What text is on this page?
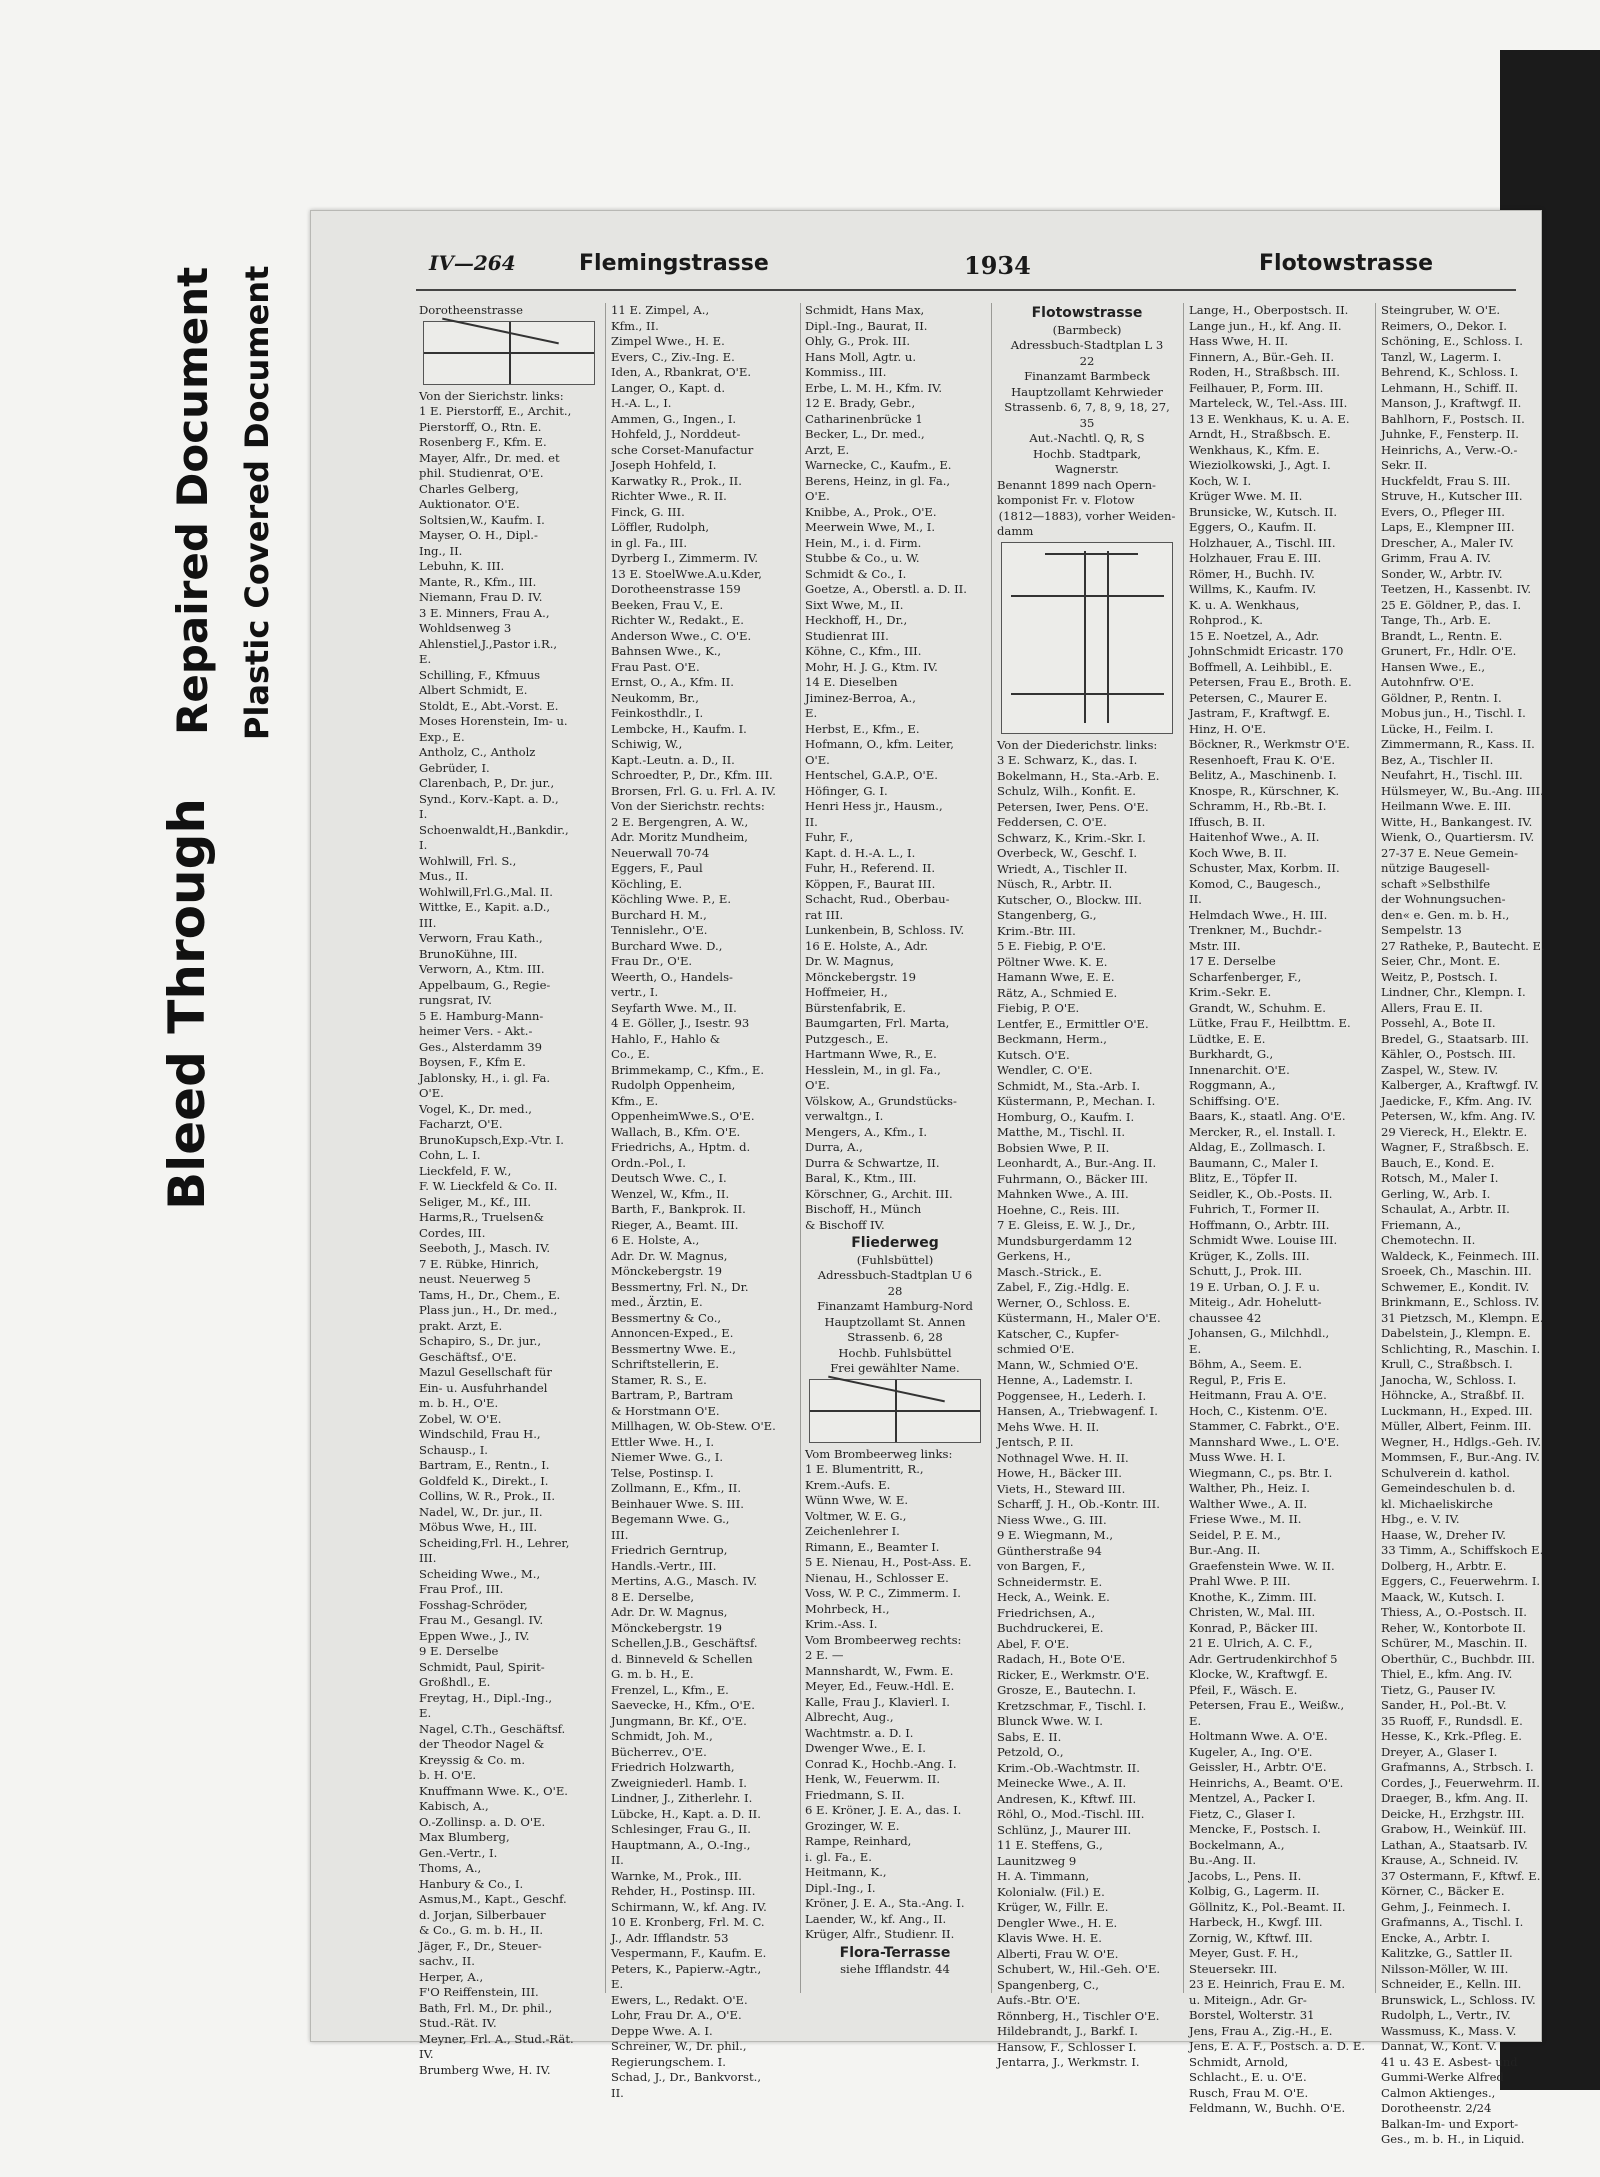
Bleed Through
Repaired Document Plastic Covered Document
IV—264	Flemingstrasse	1934	Flotowstrasse
Dorotheenstrasse
Von der Sierichstr. links:
1 E. Pierstorff, E., Archit.,
Pierstorff, O., Rtn. E.
Rosenberg F., Kfm. E.
Mayer, Alfr., Dr. med. et
phil. Studienrat, O'E.
Charles Gelberg,
Auktionator. O'E.
Soltsien,W., Kaufm. I.
Mayser, O. H., Dipl.-
Ing., II.
Lebuhn, K. III.
Mante, R., Kfm., III.
Niemann, Frau D. IV.
3 E. Minners, Frau A.,
Wohldsenweg 3
Ahlenstiel,J.,Pastor i.R.,
E.
Schilling, F., Kfmuus
Albert Schmidt, E.
Stoldt, E., Abt.-Vorst. E.
Moses Horenstein, Im- u.
Exp., E.
Antholz, C., Antholz
Gebrüder, I.
Clarenbach, P., Dr. jur.,
Synd., Korv.-Kapt. a. D.,
I.
Schoenwaldt,H.,Bankdir.,
I.
Wohlwill, Frl. S.,
Mus., II.
Wohlwill,Frl.G.,Mal. II.
Wittke, E., Kapit. a.D.,
III.
Verworn, Frau Kath.,
BrunoKühne, III.
Verworn, A., Ktm. III.
Appelbaum, G., Regie-
rungsrat, IV.
5 E. Hamburg-Mann-
heimer Vers. - Akt.-
Ges., Alsterdamm 39
Boysen, F., Kfm E.
Jablonsky, H., i. gl. Fa.
O'E.
Vogel, K., Dr. med.,
Facharzt, O'E.
BrunoKupsch,Exp.-Vtr. I.
Cohn, L. I.
Lieckfeld, F. W.,
F. W. Lieckfeld & Co. II.
Seliger, M., Kf., III.
Harms,R., Truelsen&
Cordes, III.
Seeboth, J., Masch. IV.
7 E. Rübke, Hinrich,
neust. Neuerweg 5
Tams, H., Dr., Chem., E.
Plass jun., H., Dr. med.,
prakt. Arzt, E.
Schapiro, S., Dr. jur.,
Geschäftsf., O'E.
Mazul Gesellschaft für
Ein- u. Ausfuhrhandel
m. b. H., O'E.
Zobel, W. O'E.
Windschild, Frau H.,
Schausp., I.
Bartram, E., Rentn., I.
Goldfeld K., Direkt., I.
Collins, W. R., Prok., II.
Nadel, W., Dr. jur., II.
Möbus Wwe, H., III.
Scheiding,Frl. H., Lehrer,
III.
Scheiding Wwe., M.,
Frau Prof., III.
Fosshag-Schröder,
Frau M., Gesangl. IV.
Eppen Wwe., J., IV.
9 E. Derselbe
Schmidt, Paul, Spirit-
Großhdl., E.
Freytag, H., Dipl.-Ing.,
E.
Nagel, C.Th., Geschäftsf.
der Theodor Nagel &
Kreyssig & Co. m.
b. H. O'E.
Knuffmann Wwe. K., O'E.
Kabisch, A.,
O.-Zollinsp. a. D. O'E.
Max Blumberg,
Gen.-Vertr., I.
Thoms, A.,
Hanbury & Co., I.
Asmus,M., Kapt., Geschf.
d. Jorjan, Silberbauer
& Co., G. m. b. H., II.
Jäger, F., Dr., Steuer-
sachv., II.
Herper, A.,
F'O Reiffenstein, III.
Bath, Frl. M., Dr. phil.,
Stud.-Rät. IV.
Meyner, Frl. A., Stud.-Rät.
IV.
Brumberg Wwe, H. IV.
11 E. Zimpel, A.,
Kfm., II.
Zimpel Wwe., H. E.
Evers, C., Ziv.-Ing. E.
Iden, A., Rbankrat, O'E.
Langer, O., Kapt. d.
H.-A. L., I.
Ammen, G., Ingen., I.
Hohfeld, J., Norddeut-
sche Corset-Manufactur
Joseph Hohfeld, I.
Karwatky R., Prok., II.
Richter Wwe., R. II.
Finck, G. III.
Löffler, Rudolph,
in gl. Fa., III.
Dyrberg I., Zimmerm. IV.
13 E. StoelWwe.A.u.Kder,
Dorotheenstrasse 159
Beeken, Frau V., E.
Richter W., Redakt., E.
Anderson Wwe., C. O'E.
Bahnsen Wwe., K.,
Frau Past. O'E.
Ernst, O., A., Kfm. II.
Neukomm, Br.,
Feinkosthdlr., I.
Lembcke, H., Kaufm. I.
Schiwig, W.,
Kapt.-Leutn. a. D., II.
Schroedter, P., Dr., Kfm. III.
Brorsen, Frl. G. u. Frl. A. IV.
Von der Sierichstr. rechts:
2 E. Bergengren, A. W.,
Adr. Moritz Mundheim,
Neuerwall 70-74
Eggers, F., Paul
Köchling, E.
Köchling Wwe. P., E.
Burchard H. M.,
Tennislehr., O'E.
Burchard Wwe. D.,
Frau Dr., O'E.
Weerth, O., Handels-
vertr., I.
Seyfarth Wwe. M., II.
4 E. Göller, J., Isestr. 93
Hahlo, F., Hahlo &
Co., E.
Brimmekamp, C., Kfm., E.
Rudolph Oppenheim,
Kfm., E.
OppenheimWwe.S., O'E.
Wallach, B., Kfm. O'E.
Friedrichs, A., Hptm. d.
Ordn.-Pol., I.
Deutsch Wwe. C., I.
Wenzel, W., Kfm., II.
Barth, F., Bankprok. II.
Rieger, A., Beamt. III.
6 E. Holste, A.,
Adr. Dr. W. Magnus,
Mönckebergstr. 19
Bessmertny, Frl. N., Dr.
med., Ärztin, E.
Bessmertny & Co.,
Annoncen-Exped., E.
Bessmertny Wwe. E.,
Schriftstellerin, E.
Stamer, R. S., E.
Bartram, P., Bartram
& Horstmann O'E.
Millhagen, W. Ob-Stew. O'E.
Ettler Wwe. H., I.
Niemer Wwe. G., I.
Telse, Postinsp. I.
Zollmann, E., Kfm., II.
Beinhauer Wwe. S. III.
Begemann Wwe. G.,
III.
Friedrich Gerntrup,
Handls.-Vertr., III.
Mertins, A.G., Masch. IV.
8 E. Derselbe,
Adr. Dr. W. Magnus,
Mönckebergstr. 19
Schellen,J.B., Geschäftsf.
d. Binneveld & Schellen
G. m. b. H., E.
Frenzel, L., Kfm., E.
Saevecke, H., Kfm., O'E.
Jungmann, Br. Kf., O'E.
Schmidt, Joh. M.,
Bücherrev., O'E.
Friedrich Holzwarth,
Zweigniederl. Hamb. I.
Lindner, J., Zitherlehr. I.
Lübcke, H., Kapt. a. D. II.
Schlesinger, Frau G., II.
Hauptmann, A., O.-Ing.,
II.
Warnke, M., Prok., III.
Rehder, H., Postinsp. III.
Schirmann, W., kf. Ang. IV.
10 E. Kronberg, Frl. M. C.
J., Adr. Ifflandstr. 53
Vespermann, F., Kaufm. E.
Peters, K., Papierw.-Agtr.,
E.
Ewers, L., Redakt. O'E.
Lohr, Frau Dr. A., O'E.
Deppe Wwe. A. I.
Schreiner, W., Dr. phil.,
Regierungschem. I.
Schad, J., Dr., Bankvorst.,
II.
Schmidt, Hans Max,
Dipl.-Ing., Baurat, II.
Ohly, G., Prok. III.
Hans Moll, Agtr. u.
Kommiss., III.
Erbe, L. M. H., Kfm. IV.
12 E. Brady, Gebr.,
Catharinenbrücke 1
Becker, L., Dr. med.,
Arzt, E.
Warnecke, C., Kaufm., E.
Berens, Heinz, in gl. Fa.,
O'E.
Knibbe, A., Prok., O'E.
Meerwein Wwe, M., I.
Hein, M., i. d. Firm.
Stubbe & Co., u. W.
Schmidt & Co., I.
Goetze, A., Oberstl. a. D. II.
Sixt Wwe, M., II.
Heckhoff, H., Dr.,
Studienrat III.
Köhne, C., Kfm., III.
Mohr, H. J. G., Ktm. IV.
14 E. Dieselben
Jiminez-Berroa, A.,
E.
Herbst, E., Kfm., E.
Hofmann, O., kfm. Leiter,
O'E.
Hentschel, G.A.P., O'E.
Höfinger, G. I.
Henri Hess jr., Hausm.,
II.
Fuhr, F.,
Kapt. d. H.-A. L., I.
Fuhr, H., Referend. II.
Köppen, F., Baurat III.
Schacht, Rud., Oberbau-
rat III.
Lunkenbein, B, Schloss. IV.
16 E. Holste, A., Adr.
Dr. W. Magnus,
Mönckebergstr. 19
Hoffmeier, H.,
Bürstenfabrik, E.
Baumgarten, Frl. Marta,
Putzgesch., E.
Hartmann Wwe, R., E.
Hesslein, M., in gl. Fa.,
O'E.
Völskow, A., Grundstücks-
verwaltgn., I.
Mengers, A., Kfm., I.
Durra, A.,
Durra & Schwartze, II.
Baral, K., Ktm., III.
Körschner, G., Archit. III.
Bischoff, H., Münch
& Bischoff IV.
Fliederweg
(Fuhlsbüttel)
Adressbuch-Stadtplan U 6
28
Finanzamt Hamburg-Nord
Hauptzollamt St. Annen
Strassenb. 6, 28
Hochb. Fuhlsbüttel
Frei gewählter Name.
Vom Brombeerweg links:
1 E. Blumentritt, R.,
Krem.-Aufs. E.
Wünn Wwe, W. E.
Voltmer, W. E. G.,
Zeichenlehrer I.
Rimann, E., Beamter I.
5 E. Nienau, H., Post-Ass. E.
Nienau, H., Schlosser E.
Voss, W. P. C., Zimmerm. I.
Mohrbeck, H.,
Krim.-Ass. I.
Vom Brombeerweg rechts:
2 E. —
Mannshardt, W., Fwm. E.
Meyer, Ed., Feuw.-Hdl. E.
Kalle, Frau J., Klavierl. I.
Albrecht, Aug.,
Wachtmstr. a. D. I.
Dwenger Wwe., E. I.
Conrad K., Hochb.-Ang. I.
Henk, W., Feuerwm. II.
Friedmann, S. II.
6 E. Kröner, J. E. A., das. I.
Grozinger, W. E.
Rampe, Reinhard,
i. gl. Fa., E.
Heitmann, K.,
Dipl.-Ing., I.
Kröner, J. E. A., Sta.-Ang. I.
Laender, W., kf. Ang., II.
Krüger, Alfr., Studienr. II.
Flora-Terrasse
siehe Ifflandstr. 44
Flotowstrasse
(Barmbeck)
Adressbuch-Stadtplan L 3
22
Finanzamt Barmbeck
Hauptzollamt Kehrwieder
Strassenb. 6, 7, 8, 9, 18, 27, 35
Aut.-Nachtl. Q, R, S
Hochb. Stadtpark,
Wagnerstr.
Benannt 1899 nach Opern-
komponist Fr. v. Flotow
(1812—1883), vorher Weiden-
damm
Von der Diederichstr. links:
3 E. Schwarz, K., das. I.
Bokelmann, H., Sta.-Arb. E.
Schulz, Wilh., Konfit. E.
Petersen, Iwer, Pens. O'E.
Feddersen, C. O'E.
Schwarz, K., Krim.-Skr. I.
Overbeck, W., Geschf. I.
Wriedt, A., Tischler II.
Nüsch, R., Arbtr. II.
Kutscher, O., Blockw. III.
Stangenberg, G.,
Krim.-Btr. III.
5 E. Fiebig, P. O'E.
Pöltner Wwe. K. E.
Hamann Wwe, E. E.
Rätz, A., Schmied E.
Fiebig, P. O'E.
Lentfer, E., Ermittler O'E.
Beckmann, Herm.,
Kutsch. O'E.
Wendler, C. O'E.
Schmidt, M., Sta.-Arb. I.
Küstermann, P., Mechan. I.
Homburg, O., Kaufm. I.
Matthe, M., Tischl. II.
Bobsien Wwe, P. II.
Leonhardt, A., Bur.-Ang. II.
Fuhrmann, O., Bäcker III.
Mahnken Wwe., A. III.
Hoehne, C., Reis. III.
7 E. Gleiss, E. W. J., Dr.,
Mundsburgerdamm 12
Gerkens, H.,
Masch.-Strick., E.
Zabel, F., Zig.-Hdlg. E.
Werner, O., Schloss. E.
Küstermann, H., Maler O'E.
Katscher, C., Kupfer-
schmied O'E.
Mann, W., Schmied O'E.
Henne, A., Lademstr. I.
Poggensee, H., Lederh. I.
Hansen, A., Triebwagenf. I.
Mehs Wwe. H. II.
Jentsch, P. II.
Nothnagel Wwe. H. II.
Howe, H., Bäcker III.
Viets, H., Steward III.
Scharff, J. H., Ob.-Kontr. III.
Niess Wwe., G. III.
9 E. Wiegmann, M.,
Güntherstraße 94
von Bargen, F.,
Schneidermstr. E.
Heck, A., Weink. E.
Friedrichsen, A.,
Buchdruckerei, E.
Abel, F. O'E.
Radach, H., Bote O'E.
Ricker, E., Werkmstr. O'E.
Grosze, E., Bautechn. I.
Kretzschmar, F., Tischl. I.
Blunck Wwe. W. I.
Sabs, E. II.
Petzold, O.,
Krim.-Ob.-Wachtmstr. II.
Meinecke Wwe., A. II.
Andresen, K., Kftwf. III.
Röhl, O., Mod.-Tischl. III.
Schlünz, J., Maurer III.
11 E. Steffens, G.,
Launitzweg 9
H. A. Timmann,
Kolonialw. (Fil.) E.
Krüger, W., Fillr. E.
Dengler Wwe., H. E.
Klavis Wwe. H. E.
Alberti, Frau W. O'E.
Schubert, W., Hil.-Geh. O'E.
Spangenberg, C.,
Aufs.-Btr. O'E.
Rönnberg, H., Tischler O'E.
Hildebrandt, J., Barkf. I.
Hansow, F., Schlosser I.
Jentarra, J., Werkmstr. I.
Lange, H., Oberpostsch. II.
Lange jun., H., kf. Ang. II.
Hass Wwe, H. II.
Finnern, A., Bür.-Geh. II.
Roden, H., Straßbsch. III.
Feilhauer, P., Form. III.
Marteleck, W., Tel.-Ass. III.
13 E. Wenkhaus, K. u. A. E.
Arndt, H., Straßbsch. E.
Wenkhaus, K., Kfm. E.
Wieziolkowski, J., Agt. I.
Koch, W. I.
Krüger Wwe. M. II.
Brunsicke, W., Kutsch. II.
Eggers, O., Kaufm. II.
Holzhauer, A., Tischl. III.
Holzhauer, Frau E. III.
Römer, H., Buchh. IV.
Willms, K., Kaufm. IV.
K. u. A. Wenkhaus,
Rohprod., K.
15 E. Noetzel, A., Adr.
JohnSchmidt Ericastr. 170
Boffmell, A. Leihbibl., E.
Petersen, Frau E., Broth. E.
Petersen, C., Maurer E.
Jastram, F., Kraftwgf. E.
Hinz, H. O'E.
Böckner, R., Werkmstr O'E.
Resenhoeft, Frau K. O'E.
Belitz, A., Maschinenb. I.
Knospe, R., Kürschner, K.
Schramm, H., Rb.-Bt. I.
Iffusch, B. II.
Haitenhof Wwe., A. II.
Koch Wwe, B. II.
Schuster, Max, Korbm. II.
Komod, C., Baugesch.,
II.
Helmdach Wwe., H. III.
Trenkner, M., Buchdr.-
Mstr. III.
17 E. Derselbe
Scharfenberger, F.,
Krim.-Sekr. E.
Grandt, W., Schuhm. E.
Lütke, Frau F., Heilbttm. E.
Lüdtke, E. E.
Burkhardt, G.,
Innenarchit. O'E.
Roggmann, A.,
Schiffsing. O'E.
Baars, K., staatl. Ang. O'E.
Mercker, R., el. Install. I.
Aldag, E., Zollmasch. I.
Baumann, C., Maler I.
Blitz, E., Töpfer II.
Seidler, K., Ob.-Posts. II.
Fuhrich, T., Former II.
Hoffmann, O., Arbtr. III.
Schmidt Wwe. Louise III.
Krüger, K., Zolls. III.
Schutt, J., Prok. III.
19 E. Urban, O. J. F. u.
Miteig., Adr. Hohelutt-
chaussee 42
Johansen, G., Milchhdl.,
E.
Böhm, A., Seem. E.
Regul, P., Fris E.
Heitmann, Frau A. O'E.
Hoch, C., Kistenm. O'E.
Stammer, C. Fabrkt., O'E.
Mannshard Wwe., L. O'E.
Muss Wwe. H. I.
Wiegmann, C., ps. Btr. I.
Walther, Ph., Heiz. I.
Walther Wwe., A. II.
Friese Wwe., M. II.
Seidel, P. E. M.,
Bur.-Ang. II.
Graefenstein Wwe. W. II.
Prahl Wwe. P. III.
Knothe, K., Zimm. III.
Christen, W., Mal. III.
Konrad, P., Bäcker III.
21 E. Ulrich, A. C. F.,
Adr. Gertrudenkirchhof 5
Klocke, W., Kraftwgf. E.
Pfeil, F., Wäsch. E.
Petersen, Frau E., Weißw.,
E.
Holtmann Wwe. A. O'E.
Kugeler, A., Ing. O'E.
Geissler, H., Arbtr. O'E.
Heinrichs, A., Beamt. O'E.
Mentzel, A., Packer I.
Fietz, C., Glaser I.
Mencke, F., Postsch. I.
Bockelmann, A.,
Bu.-Ang. II.
Jacobs, L., Pens. II.
Kolbig, G., Lagerm. II.
Göllnitz, K., Pol.-Beamt. II.
Harbeck, H., Kwgf. III.
Zornig, W., Kftwf. III.
Meyer, Gust. F. H.,
Steuersekr. III.
23 E. Heinrich, Frau E. M.
u. Miteign., Adr. Gr-
Borstel, Wolterstr. 31
Jens, Frau A., Zig.-H., E.
Jens, E. A. F., Postsch. a. D. E.
Schmidt, Arnold,
Schlacht., E. u. O'E.
Rusch, Frau M. O'E.
Feldmann, W., Buchh. O'E.
Steingruber, W. O'E.
Reimers, O., Dekor. I.
Schöning, E., Schloss. I.
Tanzl, W., Lagerm. I.
Behrend, K., Schloss. I.
Lehmann, H., Schiff. II.
Manson, J., Kraftwgf. II.
Bahlhorn, F., Postsch. II.
Juhnke, F., Fensterp. II.
Heinrichs, A., Verw.-O.-
Sekr. II.
Huckfeldt, Frau S. III.
Struve, H., Kutscher III.
Evers, O., Pfleger III.
Laps, E., Klempner III.
Drescher, A., Maler IV.
Grimm, Frau A. IV.
Sonder, W., Arbtr. IV.
Teetzen, H., Kassenbt. IV.
25 E. Göldner, P., das. I.
Tange, Th., Arb. E.
Brandt, L., Rentn. E.
Grunert, Fr., Hdlr. O'E.
Hansen Wwe., E.,
Autohnfrw. O'E.
Göldner, P., Rentn. I.
Mobus jun., H., Tischl. I.
Lücke, H., Feilm. I.
Zimmermann, R., Kass. II.
Bez, A., Tischler II.
Neufahrt, H., Tischl. III.
Hülsmeyer, W., Bu.-Ang. III.
Heilmann Wwe. E. III.
Witte, H., Bankangest. IV.
Wienk, O., Quartiersm. IV.
27-37 E. Neue Gemein-
nützige Baugesell-
schaft »Selbsthilfe
der Wohnungsuchen-
den« e. Gen. m. b. H.,
Sempelstr. 13
27 Ratheke, P., Bautecht. E.
Seier, Chr., Mont. E.
Weitz, P., Postsch. I.
Lindner, Chr., Klempn. I.
Allers, Frau E. II.
Possehl, A., Bote II.
Bredel, G., Staatsarb. III.
Kähler, O., Postsch. III.
Zaspel, W., Stew. IV.
Kalberger, A., Kraftwgf. IV.
Jaedicke, F., Kfm. Ang. IV.
Petersen, W., kfm. Ang. IV.
29 Viereck, H., Elektr. E.
Wagner, F., Straßbsch. E.
Bauch, E., Kond. E.
Rotsch, M., Maler I.
Gerling, W., Arb. I.
Schaulat, A., Arbtr. II.
Friemann, A.,
Chemotechn. II.
Waldeck, K., Feinmech. III.
Sroeek, Ch., Maschin. III.
Schwemer, E., Kondit. IV.
Brinkmann, E., Schloss. IV.
31 Pietzsch, M., Klempn. E.
Dabelstein, J., Klempn. E.
Schlichting, R., Maschin. I.
Krull, C., Straßbsch. I.
Janocha, W., Schloss. I.
Höhncke, A., Straßbf. II.
Luckmann, H., Exped. III.
Müller, Albert, Feinm. III.
Wegner, H., Hdlgs.-Geh. IV.
Mommsen, F., Bur.-Ang. IV.
Schulverein d. kathol.
Gemeindeschulen b. d.
kl. Michaeliskirche
Hbg., e. V. IV.
Haase, W., Dreher IV.
33 Timm, A., Schiffskoch E.
Dolberg, H., Arbtr. E.
Eggers, C., Feuerwehrm. I.
Maack, W., Kutsch. I.
Thiess, A., O.-Postsch. II.
Reher, W., Kontorbote II.
Schürer, M., Maschin. II.
Oberthür, C., Buchbdr. III.
Thiel, E., kfm. Ang. IV.
Tietz, G., Pauser IV.
Sander, H., Pol.-Bt. V.
35 Ruoff, F., Rundsdl. E.
Hesse, K., Krk.-Pfleg. E.
Dreyer, A., Glaser I.
Grafmanns, A., Strbsch. I.
Cordes, J., Feuerwehrm. II.
Draeger, B., kfm. Ang. II.
Deicke, H., Erzhgstr. III.
Grabow, H., Weinküf. III.
Lathan, A., Staatsarb. IV.
Krause, A., Schneid. IV.
37 Ostermann, F., Kftwf. E.
Körner, C., Bäcker E.
Gehm, J., Feinmech. I.
Grafmanns, A., Tischl. I.
Encke, A., Arbtr. I.
Kalitzke, G., Sattler II.
Nilsson-Möller, W. III.
Schneider, E., Kelln. III.
Brunswick, L., Schloss. IV.
Rudolph, L., Vertr., IV.
Wassmuss, K., Mass. V.
Dannat, W., Kont. V.
41 u. 43 E. Asbest- und
Gummi-Werke Alfred
Calmon Aktienges.,
Dorotheenstr. 2/24
Balkan-Im- und Export-
Ges., m. b. H., in Liquid.
